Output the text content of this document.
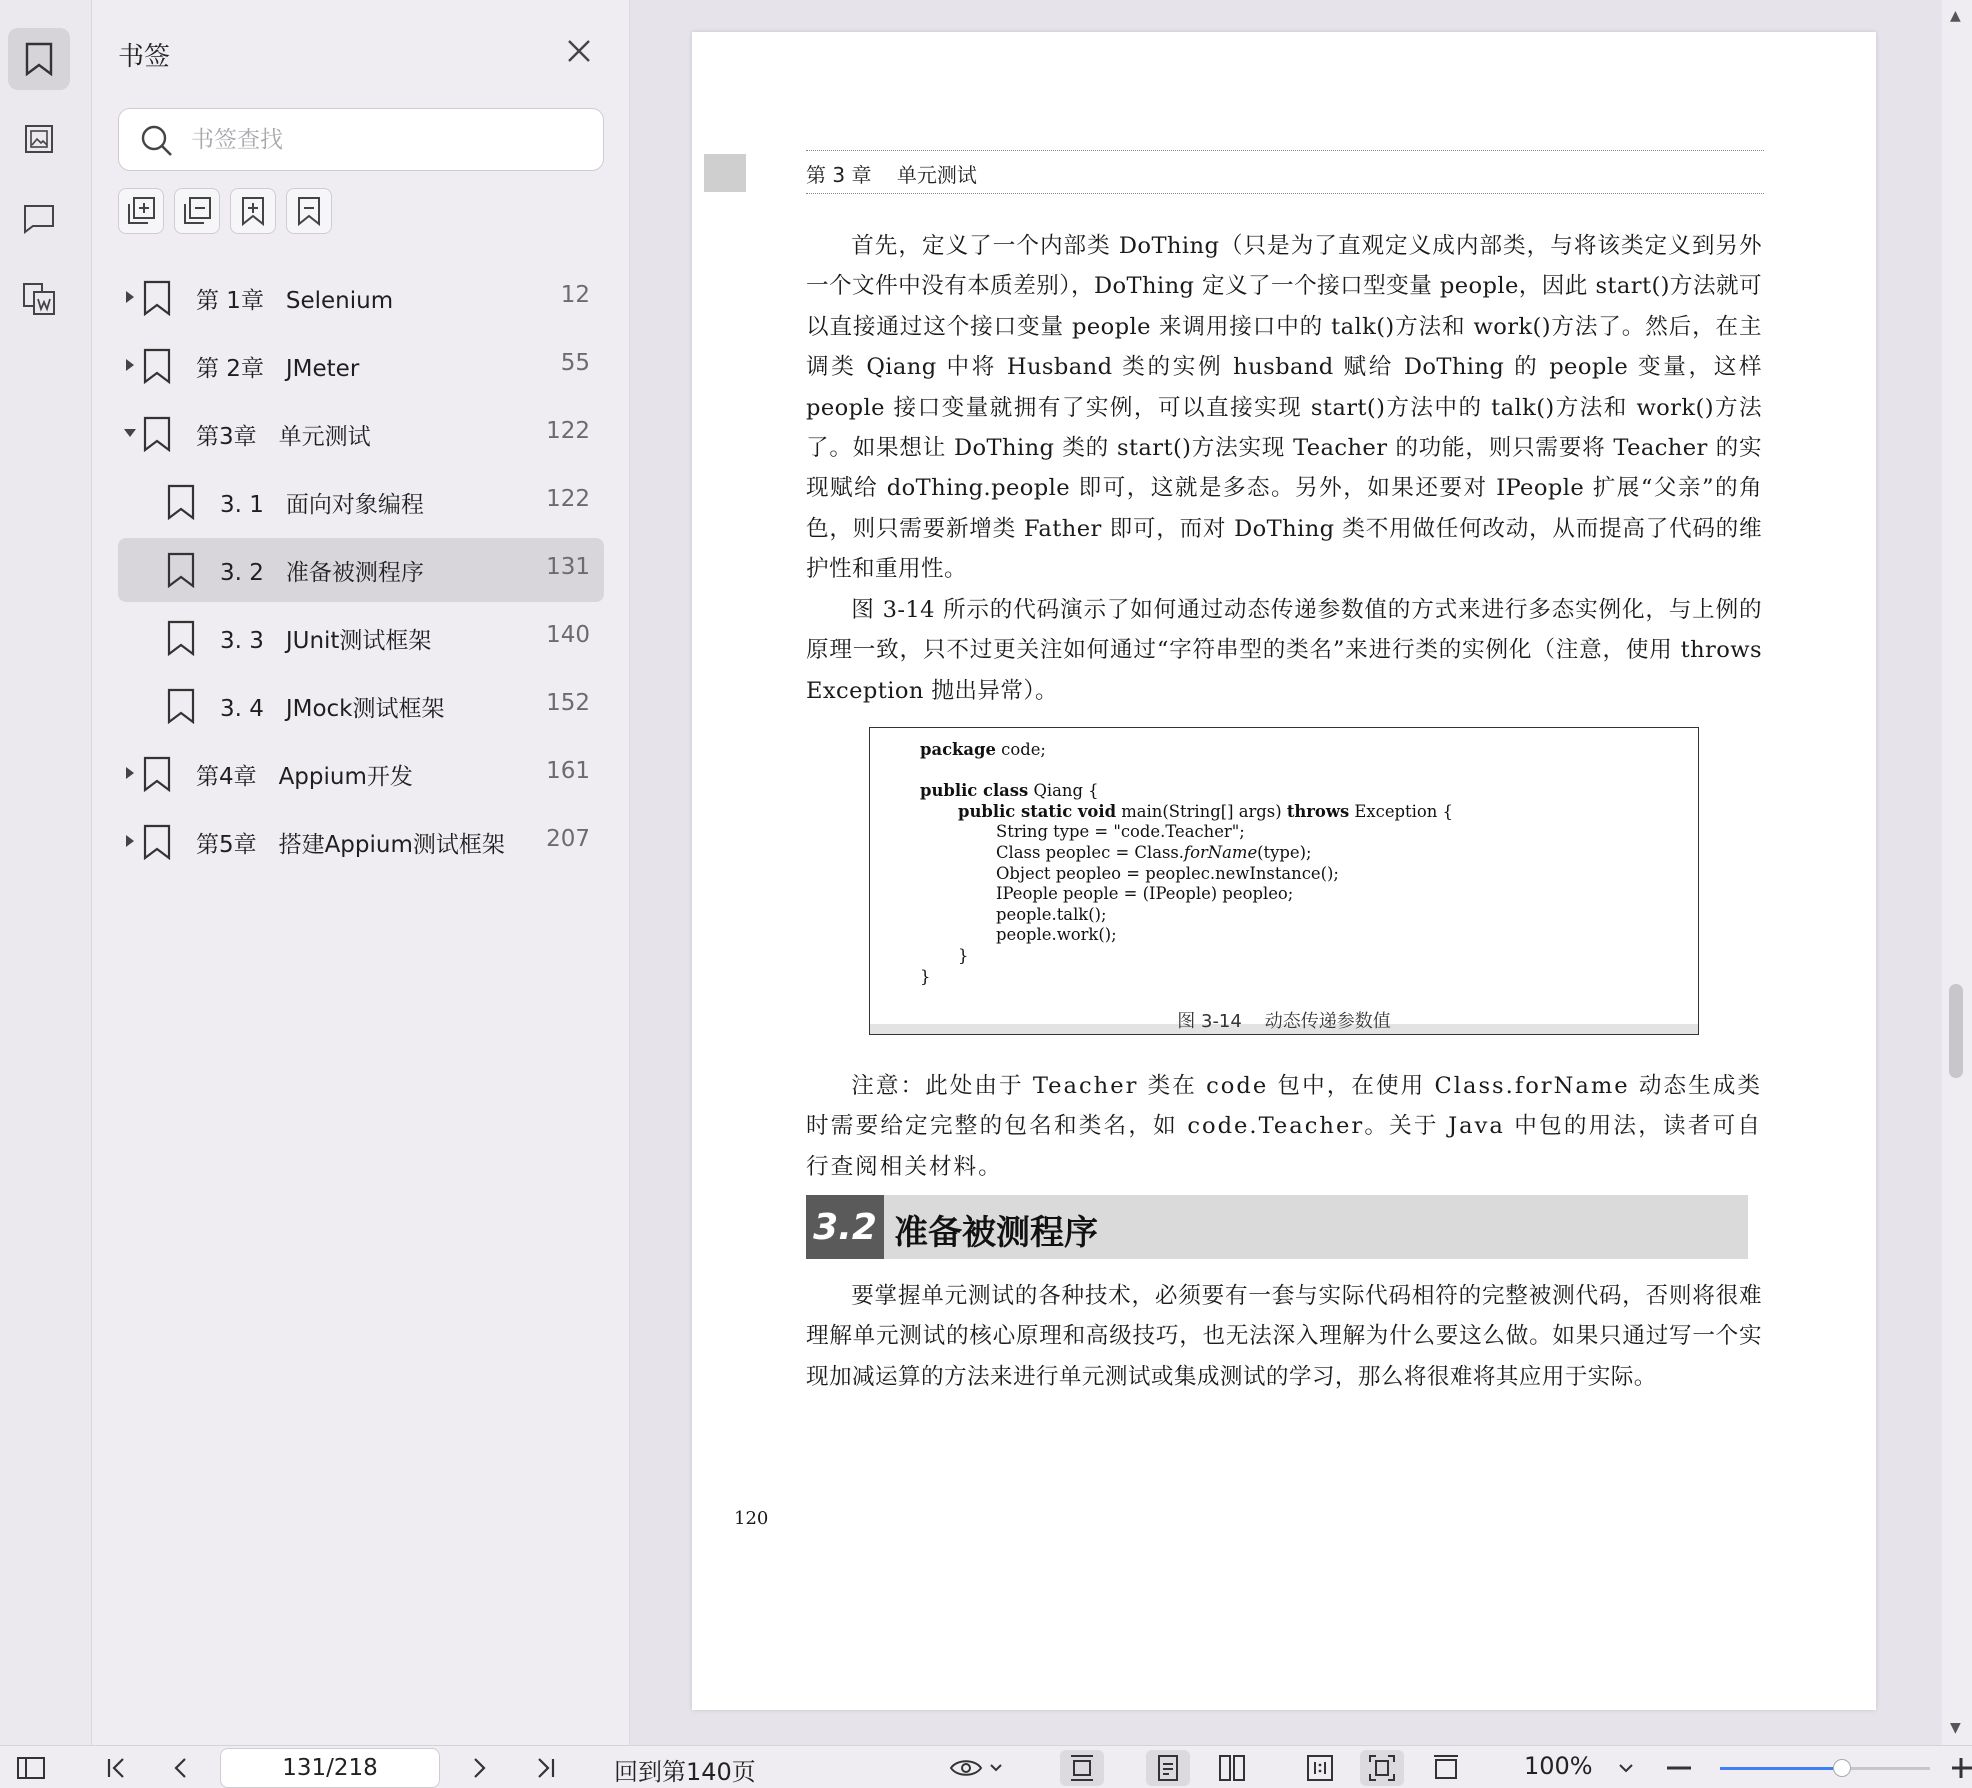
书签
书签查找
第 1章   Selenium	12
第 2章   JMeter	55
第3章   单元测试	122
3. 1   面向对象编程	122
3. 2   准备被测程序	131
3. 3   JUnit测试框架	140
3. 4   JMock测试框架	152
第4章   Appium开发	161
第5章   搭建Appium测试框架 207
第 3 章    单元测试
首先，定义了一个内部类 DoThing（只是为了直观定义成内部类，与将该类定义到另外一个文件中没有本质差别），DoThing 定义了一个接口型变量 people，因此 start()方法就可以直接通过这个接口变量 people 来调用接口中的 talk()方法和 work()方法了。然后，在主调类 Qiang 中将 Husband 类的实例 husband 赋给 DoThing 的 people 变量，这样 people 接口变量就拥有了实例，可以直接实现 start()方法中的 talk()方法和 work()方法了。如果想让 DoThing 类的 start()方法实现 Teacher 的功能，则只需要将 Teacher 的实现赋给 doThing.people 即可，这就是多态。另外，如果还要对 IPeople 扩展“父亲”的角色，则只需要新增类 Father 即可，而对 DoThing 类不用做任何改动，从而提高了代码的维护性和重用性。
图 3-14 所示的代码演示了如何通过动态传递参数值的方式来进行多态实例化，与上例的原理一致，只不过更关注如何通过“字符串型的类名”来进行类的实例化（注意，使用 throws Exception 抛出异常）。
package code;
public class Qiang {
public static void main(String[] args) throws Exception {
String type = "code.Teacher";
Class peoplec = Class.forName(type);
Object peopleo = peoplec.newInstance();
IPeople people = (IPeople) peopleo;
people.talk();
people.work();
}
}
图 3-14    动态传递参数值
注意：此处由于 Teacher 类在 code 包中，在使用 Class.forName 动态生成类时需要给定完整的包名和类名，如 code.Teacher。关于 Java 中包的用法，读者可自行查阅相关材料。
3.2 准备被测程序
要掌握单元测试的各种技术，必须要有一套与实际代码相符的完整被测代码，否则将很难理解单元测试的核心原理和高级技巧，也无法深入理解为什么要这么做。如果只通过写一个实现加减运算的方法来进行单元测试或集成测试的学习，那么将很难将其应用于实际。
120
▲
▼
131/218	回到第140页	100%
